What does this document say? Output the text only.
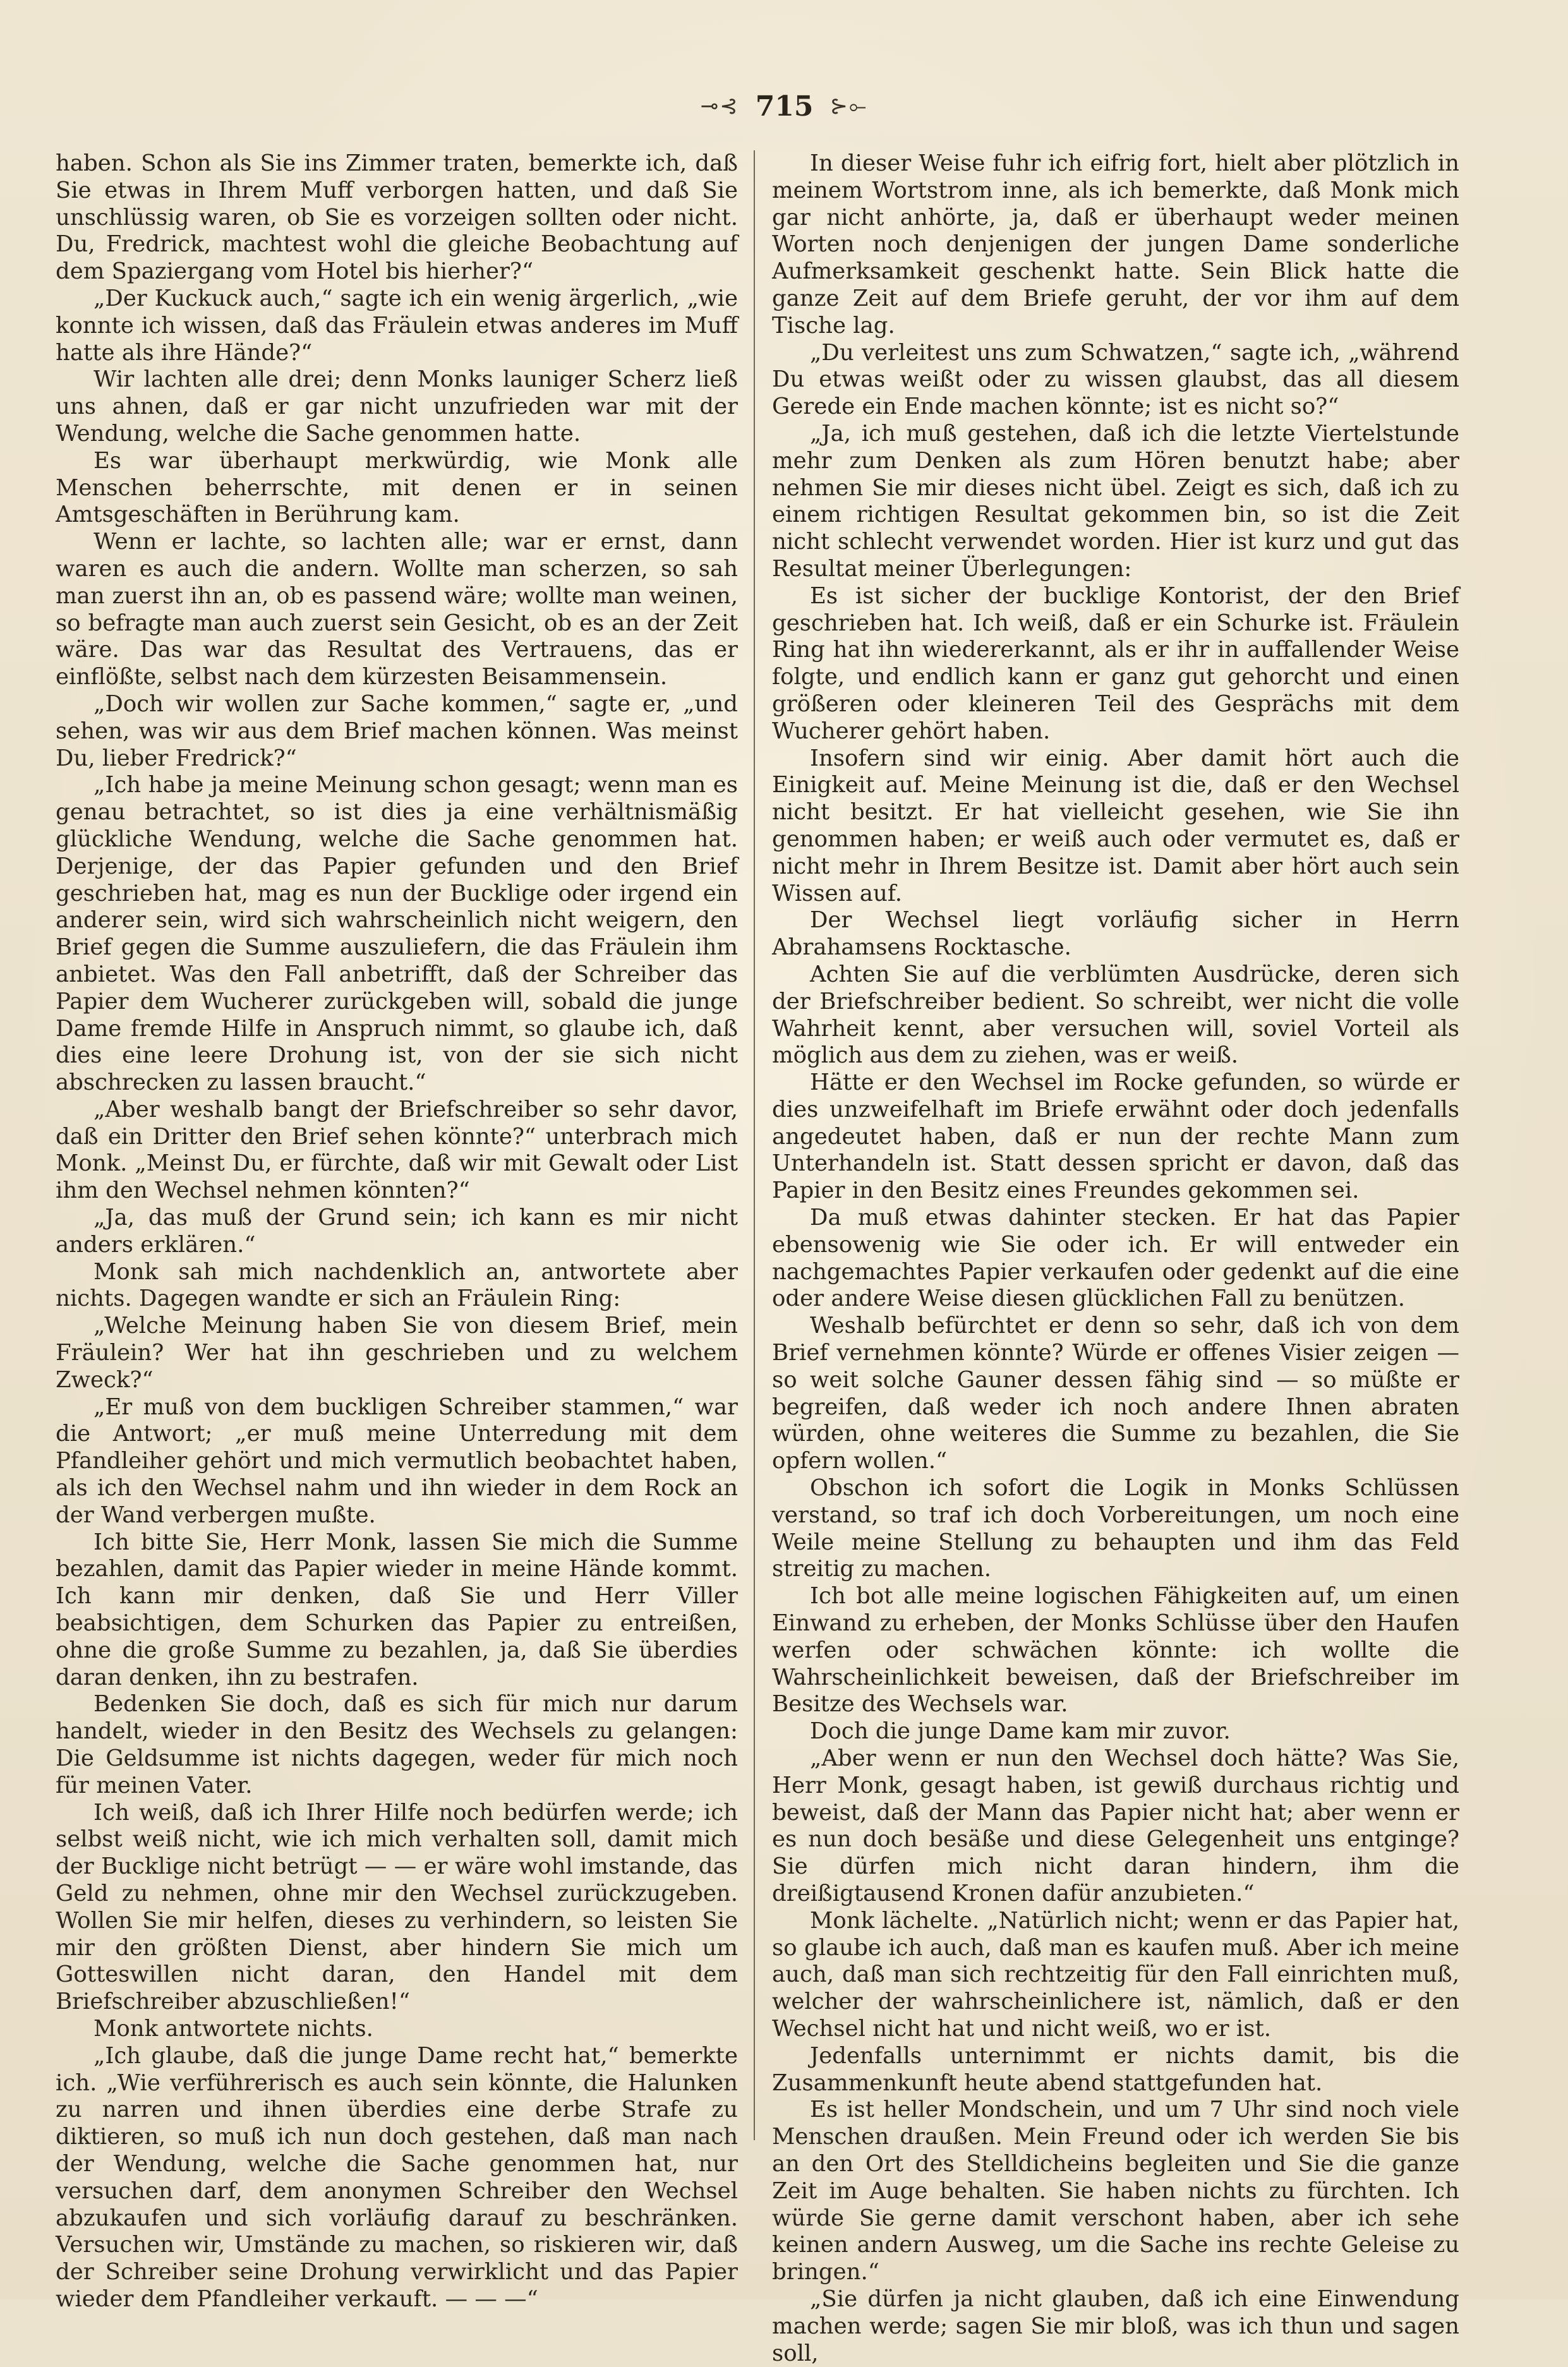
⊸⊰ 715 ⊱⟜

haben. Schon als Sie ins Zimmer traten, bemerkte ich, daß Sie etwas in Ihrem Muff verborgen hatten, und daß Sie unschlüssig waren, ob Sie es vorzeigen sollten oder nicht. Du, Fredrick, machtest wohl die gleiche Beobachtung auf dem Spaziergang vom Hotel bis hierher?“

„Der Kuckuck auch,“ sagte ich ein wenig ärgerlich, „wie konnte ich wissen, daß das Fräulein etwas anderes im Muff hatte als ihre Hände?“

Wir lachten alle drei; denn Monks launiger Scherz ließ uns ahnen, daß er gar nicht unzufrieden war mit der Wendung, welche die Sache genommen hatte.

Es war überhaupt merkwürdig, wie Monk alle Menschen beherrschte, mit denen er in seinen Amtsgeschäften in Berührung kam.

Wenn er lachte, so lachten alle; war er ernst, dann waren es auch die andern. Wollte man scherzen, so sah man zuerst ihn an, ob es passend wäre; wollte man weinen, so befragte man auch zuerst sein Gesicht, ob es an der Zeit wäre. Das war das Resultat des Vertrauens, das er einflößte, selbst nach dem kürzesten Beisammensein.

„Doch wir wollen zur Sache kommen,“ sagte er, „und sehen, was wir aus dem Brief machen können. Was meinst Du, lieber Fredrick?“

„Ich habe ja meine Meinung schon gesagt; wenn man es genau betrachtet, so ist dies ja eine verhältnismäßig glückliche Wendung, welche die Sache genommen hat. Derjenige, der das Papier gefunden und den Brief geschrieben hat, mag es nun der Bucklige oder irgend ein anderer sein, wird sich wahrscheinlich nicht weigern, den Brief gegen die Summe auszuliefern, die das Fräulein ihm anbietet. Was den Fall anbetrifft, daß der Schreiber das Papier dem Wucherer zurückgeben will, sobald die junge Dame fremde Hilfe in Anspruch nimmt, so glaube ich, daß dies eine leere Drohung ist, von der sie sich nicht abschrecken zu lassen braucht.“

„Aber weshalb bangt der Briefschreiber so sehr davor, daß ein Dritter den Brief sehen könnte?“ unterbrach mich Monk. „Meinst Du, er fürchte, daß wir mit Gewalt oder List ihm den Wechsel nehmen könnten?“

„Ja, das muß der Grund sein; ich kann es mir nicht anders erklären.“

Monk sah mich nachdenklich an, antwortete aber nichts. Dagegen wandte er sich an Fräulein Ring:

„Welche Meinung haben Sie von diesem Brief, mein Fräulein? Wer hat ihn geschrieben und zu welchem Zweck?“

„Er muß von dem buckligen Schreiber stammen,“ war die Antwort; „er muß meine Unterredung mit dem Pfandleiher gehört und mich vermutlich beobachtet haben, als ich den Wechsel nahm und ihn wieder in dem Rock an der Wand verbergen mußte.

Ich bitte Sie, Herr Monk, lassen Sie mich die Summe bezahlen, damit das Papier wieder in meine Hände kommt. Ich kann mir denken, daß Sie und Herr Viller beabsichtigen, dem Schurken das Papier zu entreißen, ohne die große Summe zu bezahlen, ja, daß Sie überdies daran denken, ihn zu bestrafen.

Bedenken Sie doch, daß es sich für mich nur darum handelt, wieder in den Besitz des Wechsels zu gelangen: Die Geldsumme ist nichts dagegen, weder für mich noch für meinen Vater.

Ich weiß, daß ich Ihrer Hilfe noch bedürfen werde; ich selbst weiß nicht, wie ich mich verhalten soll, damit mich der Bucklige nicht betrügt — — er wäre wohl imstande, das Geld zu nehmen, ohne mir den Wechsel zurückzugeben. Wollen Sie mir helfen, dieses zu verhindern, so leisten Sie mir den größten Dienst, aber hindern Sie mich um Gotteswillen nicht daran, den Handel mit dem Briefschreiber abzuschließen!“

Monk antwortete nichts.

„Ich glaube, daß die junge Dame recht hat,“ bemerkte ich. „Wie verführerisch es auch sein könnte, die Halunken zu narren und ihnen überdies eine derbe Strafe zu diktieren, so muß ich nun doch gestehen, daß man nach der Wendung, welche die Sache genommen hat, nur versuchen darf, dem anonymen Schreiber den Wechsel abzukaufen und sich vorläufig darauf zu beschränken. Versuchen wir, Umstände zu machen, so riskieren wir, daß der Schreiber seine Drohung verwirklicht und das Papier wieder dem Pfandleiher verkauft. — — —“

In dieser Weise fuhr ich eifrig fort, hielt aber plötzlich in meinem Wortstrom inne, als ich bemerkte, daß Monk mich gar nicht anhörte, ja, daß er überhaupt weder meinen Worten noch denjenigen der jungen Dame sonderliche Aufmerksamkeit geschenkt hatte. Sein Blick hatte die ganze Zeit auf dem Briefe geruht, der vor ihm auf dem Tische lag.

„Du verleitest uns zum Schwatzen,“ sagte ich, „während Du etwas weißt oder zu wissen glaubst, das all diesem Gerede ein Ende machen könnte; ist es nicht so?“

„Ja, ich muß gestehen, daß ich die letzte Viertelstunde mehr zum Denken als zum Hören benutzt habe; aber nehmen Sie mir dieses nicht übel. Zeigt es sich, daß ich zu einem richtigen Resultat gekommen bin, so ist die Zeit nicht schlecht verwendet worden. Hier ist kurz und gut das Resultat meiner Überlegungen:

Es ist sicher der bucklige Kontorist, der den Brief geschrieben hat. Ich weiß, daß er ein Schurke ist. Fräulein Ring hat ihn wiedererkannt, als er ihr in auffallender Weise folgte, und endlich kann er ganz gut gehorcht und einen größeren oder kleineren Teil des Gesprächs mit dem Wucherer gehört haben.

Insofern sind wir einig. Aber damit hört auch die Einigkeit auf. Meine Meinung ist die, daß er den Wechsel nicht besitzt. Er hat vielleicht gesehen, wie Sie ihn genommen haben; er weiß auch oder vermutet es, daß er nicht mehr in Ihrem Besitze ist. Damit aber hört auch sein Wissen auf.

Der Wechsel liegt vorläufig sicher in Herrn Abrahamsens Rocktasche.

Achten Sie auf die verblümten Ausdrücke, deren sich der Briefschreiber bedient. So schreibt, wer nicht die volle Wahrheit kennt, aber versuchen will, soviel Vorteil als möglich aus dem zu ziehen, was er weiß.

Hätte er den Wechsel im Rocke gefunden, so würde er dies unzweifelhaft im Briefe erwähnt oder doch jedenfalls angedeutet haben, daß er nun der rechte Mann zum Unterhandeln ist. Statt dessen spricht er davon, daß das Papier in den Besitz eines Freundes gekommen sei.

Da muß etwas dahinter stecken. Er hat das Papier ebensowenig wie Sie oder ich. Er will entweder ein nachgemachtes Papier verkaufen oder gedenkt auf die eine oder andere Weise diesen glücklichen Fall zu benützen.

Weshalb befürchtet er denn so sehr, daß ich von dem Brief vernehmen könnte? Würde er offenes Visier zeigen — so weit solche Gauner dessen fähig sind — so müßte er begreifen, daß weder ich noch andere Ihnen abraten würden, ohne weiteres die Summe zu bezahlen, die Sie opfern wollen.“

Obschon ich sofort die Logik in Monks Schlüssen verstand, so traf ich doch Vorbereitungen, um noch eine Weile meine Stellung zu behaupten und ihm das Feld streitig zu machen.

Ich bot alle meine logischen Fähigkeiten auf, um einen Einwand zu erheben, der Monks Schlüsse über den Haufen werfen oder schwächen könnte: ich wollte die Wahrscheinlichkeit beweisen, daß der Briefschreiber im Besitze des Wechsels war.

Doch die junge Dame kam mir zuvor.

„Aber wenn er nun den Wechsel doch hätte? Was Sie, Herr Monk, gesagt haben, ist gewiß durchaus richtig und beweist, daß der Mann das Papier nicht hat; aber wenn er es nun doch besäße und diese Gelegenheit uns entginge? Sie dürfen mich nicht daran hindern, ihm die dreißigtausend Kronen dafür anzubieten.“

Monk lächelte. „Natürlich nicht; wenn er das Papier hat, so glaube ich auch, daß man es kaufen muß. Aber ich meine auch, daß man sich rechtzeitig für den Fall einrichten muß, welcher der wahrscheinlichere ist, nämlich, daß er den Wechsel nicht hat und nicht weiß, wo er ist.

Jedenfalls unternimmt er nichts damit, bis die Zusammenkunft heute abend stattgefunden hat.

Es ist heller Mondschein, und um 7 Uhr sind noch viele Menschen draußen. Mein Freund oder ich werden Sie bis an den Ort des Stelldicheins begleiten und Sie die ganze Zeit im Auge behalten. Sie haben nichts zu fürchten. Ich würde Sie gerne damit verschont haben, aber ich sehe keinen andern Ausweg, um die Sache ins rechte Geleise zu bringen.“

„Sie dürfen ja nicht glauben, daß ich eine Einwendung machen werde; sagen Sie mir bloß, was ich thun und sagen soll,
